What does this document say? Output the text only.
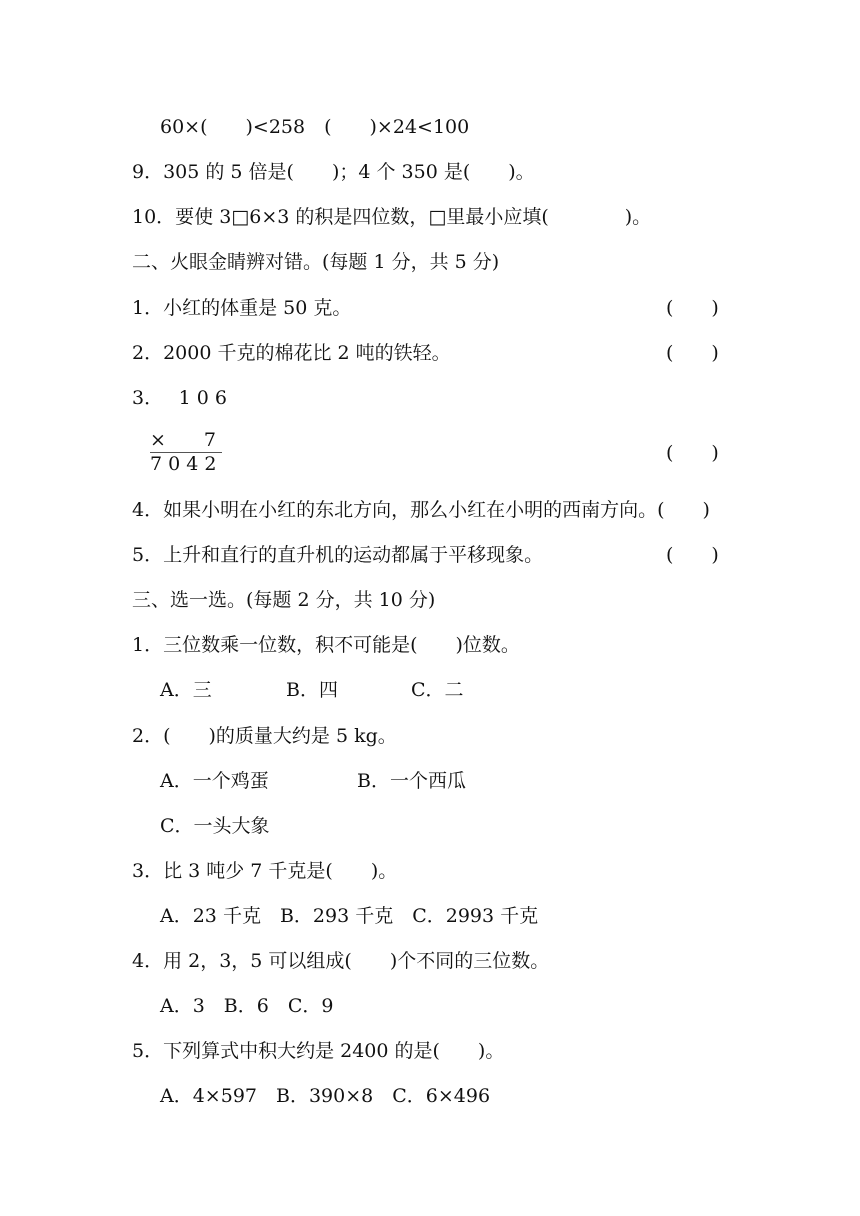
60×(　　)<258　(　　)×24<100
9．305 的 5 倍是(　　)；4 个 350 是(　　)。
10．要使 3□6×3 的积是四位数，□里最小应填(　　　　)。
二、火眼金睛辨对错。(每题 1 分，共 5 分)
1．小红的体重是 50 克。	(　　)
2．2000 千克的棉花比 2 吨的铁轻。	(　　)
3．　 1 0 6
×　　7
7 0 4 2	(　　)
4．如果小明在小红的东北方向，那么小红在小明的西南方向。(　　)
5．上升和直行的直升机的运动都属于平移现象。	(　　)
三、选一选。(每题 2 分，共 10 分)
1．三位数乘一位数，积不可能是(　　)位数。
A．三	B．四	C．二
2．(　　)的质量大约是 5 kg。
A．一个鸡蛋	B．一个西瓜
C．一头大象
3．比 3 吨少 7 千克是(　　)。
A．23 千克　B．293 千克　C．2993 千克
4．用 2，3，5 可以组成(　　)个不同的三位数。
A．3　B．6　C．9
5．下列算式中积大约是 2400 的是(　　)。
A．4×597　B．390×8　C．6×496
